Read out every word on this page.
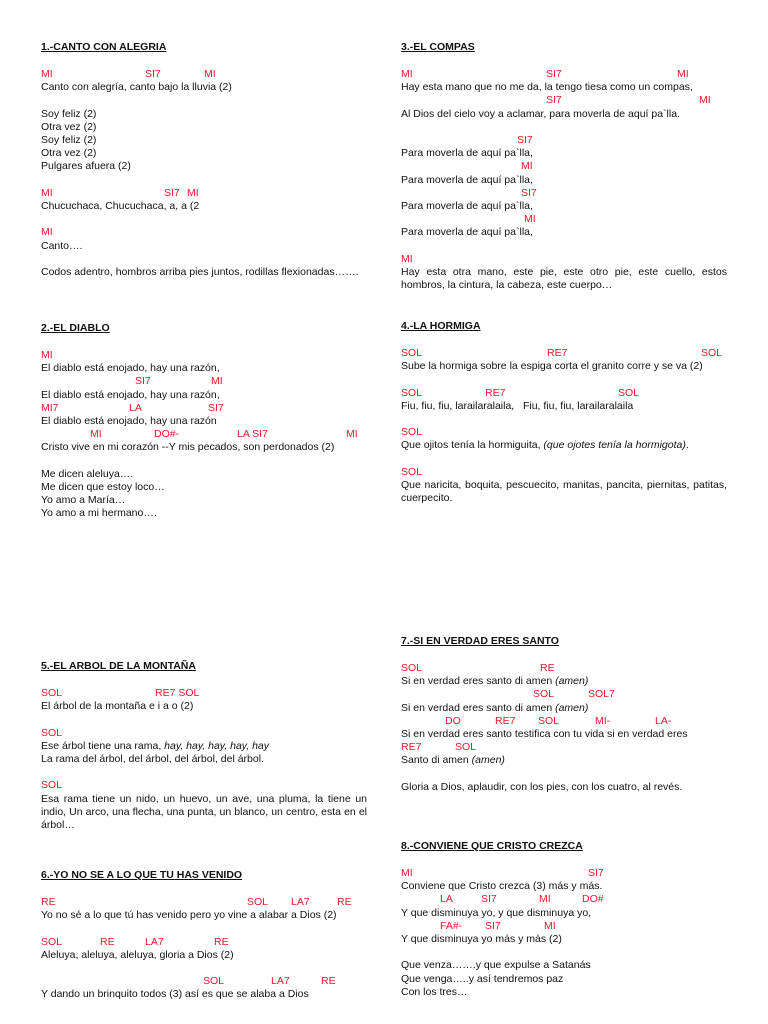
1.-CANTO CON ALEGRIA
MI	SI7	MI
Canto con alegría, canto bajo la lluvia (2)
Soy feliz (2)
Otra vez (2)
Soy feliz (2)
Otra vez (2)
Pulgares afuera (2)
MI	SI7 MI
Chucuchaca, Chucuchaca, a, a (2
MI
Canto….
Codos adentro, hombros arriba pies juntos, rodillas flexionadas…….
2.-EL DIABLO
MI
El diablo está enojado, hay una razón,
SI7	MI
El diablo está enojado, hay una razón,
MI7	LA	SI7
El diablo está enojado, hay una razón
MI	DO#-	LA SI7	MI
Cristo vive en mi corazón --Y mis pecados, son perdonados (2)
Me dicen aleluya….
Me dicen que estoy loco…
Yo amo a María…
Yo amo a mi hermano….
5.-EL ARBOL DE LA MONTAÑA
SOL	RE7 SOL
El árbol de la montaña e i a o (2)
SOL
Ese árbol tiene una rama, hay, hay, hay, hay, hay
La rama del árbol, del árbol, del árbol, del árbol.
SOL
Esa rama tiene un nido, un huevo, un ave, una pluma, la tiene un indio, Un arco, una flecha, una punta, un blanco, un centro, esta en el árbol…
6.-YO NO SE A LO QUE TU HAS VENIDO
RE	SOL LA7	RE
Yo no sé a lo que tú has venido pero yo vine a alabar a Dios (2)
SOL	RE	LA7	RE
Aleluya, aleluya, aleluya, gloria a Dios (2)
SOL	LA7	RE
Y dando un brinquito todos (3) así es que se alaba a Dios
3.-EL COMPAS
MI	SI7	MI
Hay esta mano que no me da, la tengo tiesa como un compas,
SI7	MI
Al Dios del cielo voy a aclamar, para moverla de aquí pa`lla.
SI7
Para moverla de aquí pa`lla,
MI
Para moverla de aquí pa`lla,
SI7
Para moverla de aquí pa`lla,
MI
Para moverla de aquí pa`lla,
MI
Hay esta otra mano, este pie, este otro pie, este cuello, estos hombros, la cintura, la cabeza, este cuerpo…
4.-LA HORMIGA
SOL	RE7	SOL
Sube la hormiga sobre la espiga corta el granito corre y se va (2)
SOL	RE7	SOL
Fiu, fiu, fiu, larailaralaila,   Fiu, fiu, fiu, larailaralaila
SOL
Que ojitos tenía la hormiguita, (que ojotes tenía la hormigota).
SOL
Que naricita, boquita, pescuecito, manitas, pancita, piernitas, patitas, cuerpecito.
7.-SI EN VERDAD ERES SANTO
SOL	RE
Si en verdad eres santo di amen (amen)
SOL	SOL7
Si en verdad eres santo di amen (amen)
DO	RE7 SOL	MI-	LA-
Si en verdad eres santo testifica con tu vida si en verdad eres
RE7	SOL
Santo di amen (amen)
Gloria a Dios, aplaudir, con los pies, con los cuatro, al revés.
8.-CONVIENE QUE CRISTO CREZCA
MI	SI7
Conviene que Cristo crezca (3) más y más.
LA	SI7	MI	DO#
Y que disminuya yo, y que disminuya yo,
FA#- SI7	MI
Y que disminuya yo más y más (2)
Que venza…….y que expulse a Satanás
Que venga…..y así tendremos paz
Con los tres…
